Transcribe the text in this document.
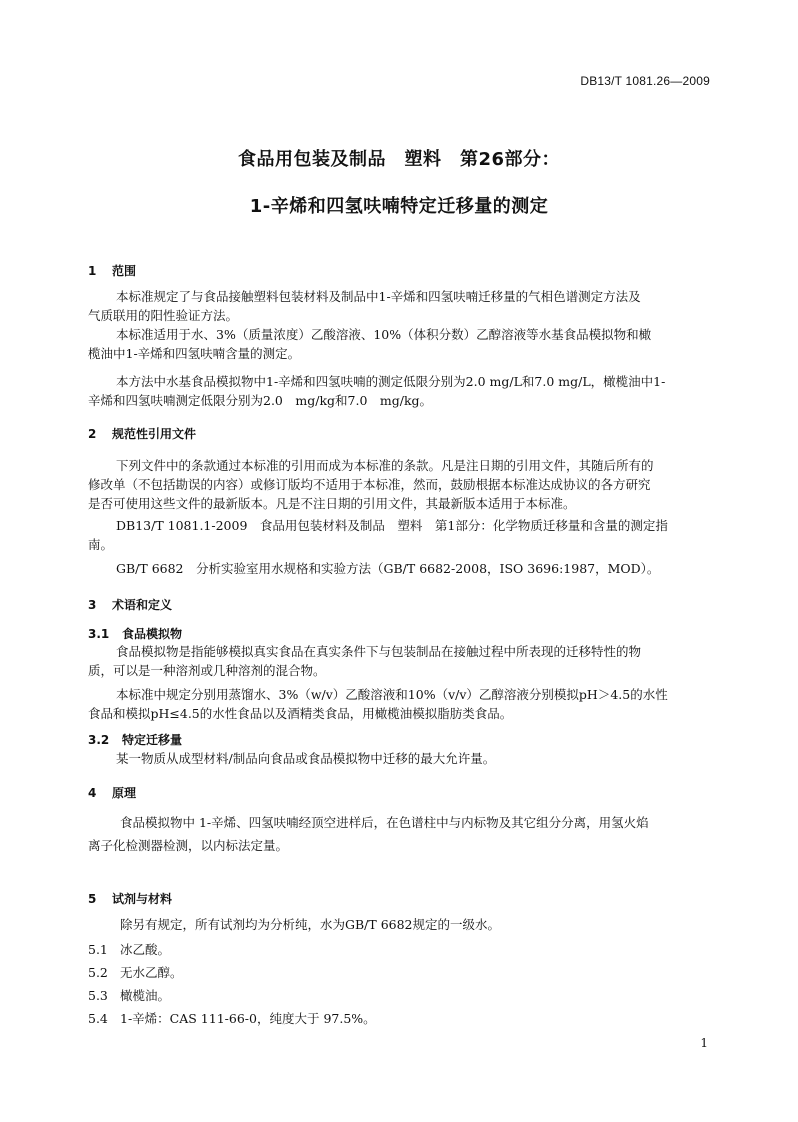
DB13/T 1081.26—2009
食品用包装及制品　塑料　第26部分：
1-辛烯和四氢呋喃特定迁移量的测定
1 范围
本标准规定了与食品接触塑料包装材料及制品中1-辛烯和四氢呋喃迁移量的气相色谱测定方法及
气质联用的阳性验证方法。
本标准适用于水、3%（质量浓度）乙酸溶液、10%（体积分数）乙醇溶液等水基食品模拟物和橄
榄油中1-辛烯和四氢呋喃含量的测定。
本方法中水基食品模拟物中1-辛烯和四氢呋喃的测定低限分别为2.0 mg/L和7.0 mg/L，橄榄油中1-
辛烯和四氢呋喃测定低限分别为2.0　mg/kg和7.0　mg/kg。
2 规范性引用文件
下列文件中的条款通过本标准的引用而成为本标准的条款。凡是注日期的引用文件，其随后所有的
修改单（不包括勘误的内容）或修订版均不适用于本标准，然而，鼓励根据本标准达成协议的各方研究
是否可使用这些文件的最新版本。凡是不注日期的引用文件，其最新版本适用于本标准。
DB13/T 1081.1-2009　食品用包装材料及制品　塑料　第1部分：化学物质迁移量和含量的测定指
南。
GB/T 6682　分析实验室用水规格和实验方法（GB/T 6682-2008，ISO 3696:1987，MOD）。
3 术语和定义
3.1 食品模拟物
食品模拟物是指能够模拟真实食品在真实条件下与包装制品在接触过程中所表现的迁移特性的物
质，可以是一种溶剂或几种溶剂的混合物。
本标准中规定分别用蒸馏水、3%（w/v）乙酸溶液和10%（v/v）乙醇溶液分别模拟pH＞4.5的水性
食品和模拟pH≤4.5的水性食品以及酒精类食品，用橄榄油模拟脂肪类食品。
3.2 特定迁移量
某一物质从成型材料/制品向食品或食品模拟物中迁移的最大允许量。
4 原理
食品模拟物中 1-辛烯、四氢呋喃经顶空进样后，在色谱柱中与内标物及其它组分分离，用氢火焰
离子化检测器检测，以内标法定量。
5 试剂与材料
除另有规定，所有试剂均为分析纯，水为GB/T 6682规定的一级水。
5.1 冰乙酸。
5.2 无水乙醇。
5.3 橄榄油。
5.4 1-辛烯：CAS 111-66-0，纯度大于 97.5%。
1
